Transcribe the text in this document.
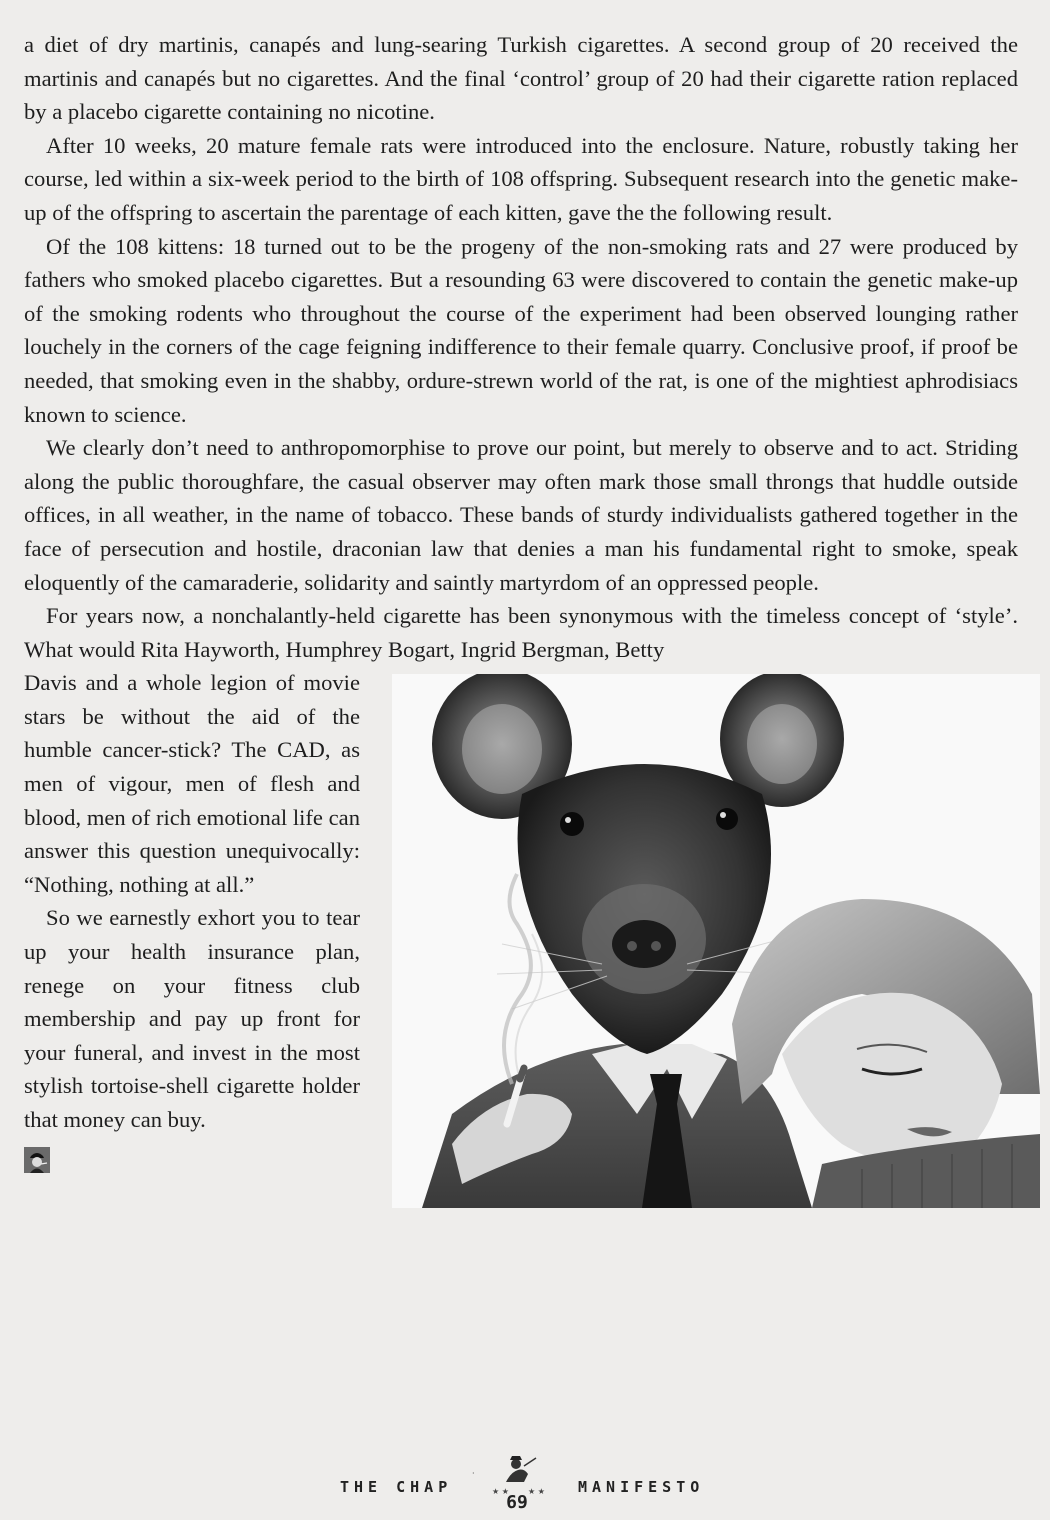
a diet of dry martinis, canapés and lung-searing Turkish cigarettes. A second group of 20 received the martinis and canapés but no cigarettes. And the final ‘control’ group of 20 had their cigarette ration replaced by a placebo cigarette containing no nicotine.

After 10 weeks, 20 mature female rats were introduced into the enclosure. Nature, robustly taking her course, led within a six-week period to the birth of 108 offspring. Subsequent research into the genetic make-up of the offspring to ascertain the parentage of each kitten, gave the the following result.

Of the 108 kittens: 18 turned out to be the progeny of the non-smoking rats and 27 were produced by fathers who smoked placebo cigarettes. But a resounding 63 were discovered to contain the genetic make-up of the smoking rodents who throughout the course of the experiment had been observed lounging rather louchely in the corners of the cage feigning indifference to their female quarry. Conclusive proof, if proof be needed, that smoking even in the shabby, ordure-strewn world of the rat, is one of the mightiest aphrodisiacs known to science.

We clearly don’t need to anthropomorphise to prove our point, but merely to observe and to act. Striding along the public thoroughfare, the casual observer may often mark those small throngs that huddle outside offices, in all weather, in the name of tobacco. These bands of sturdy individualists gathered together in the face of persecution and hostile, draconian law that denies a man his fundamental right to smoke, speak eloquently of the camaraderie, solidarity and saintly martyrdom of an oppressed people.

For years now, a nonchalantly-held cigarette has been synonymous with the timeless concept of ‘style’. What would Rita Hayworth, Humphrey Bogart, Ingrid Bergman, Betty

Davis and a whole legion of movie stars be without the aid of the humble cancer-stick? The CAD, as men of vigour, men of flesh and blood, men of rich emotional life can answer this question unequivocally: “Nothing, nothing at all.”

So we earnestly exhort you to tear up your health insurance plan, renege on your fitness club membership and pay up front for your funeral, and invest in the most stylish tortoise-shell cigarette holder that money can buy.

THE CHAP
·
★ ★ ★ ★ MANIFESTO
69
